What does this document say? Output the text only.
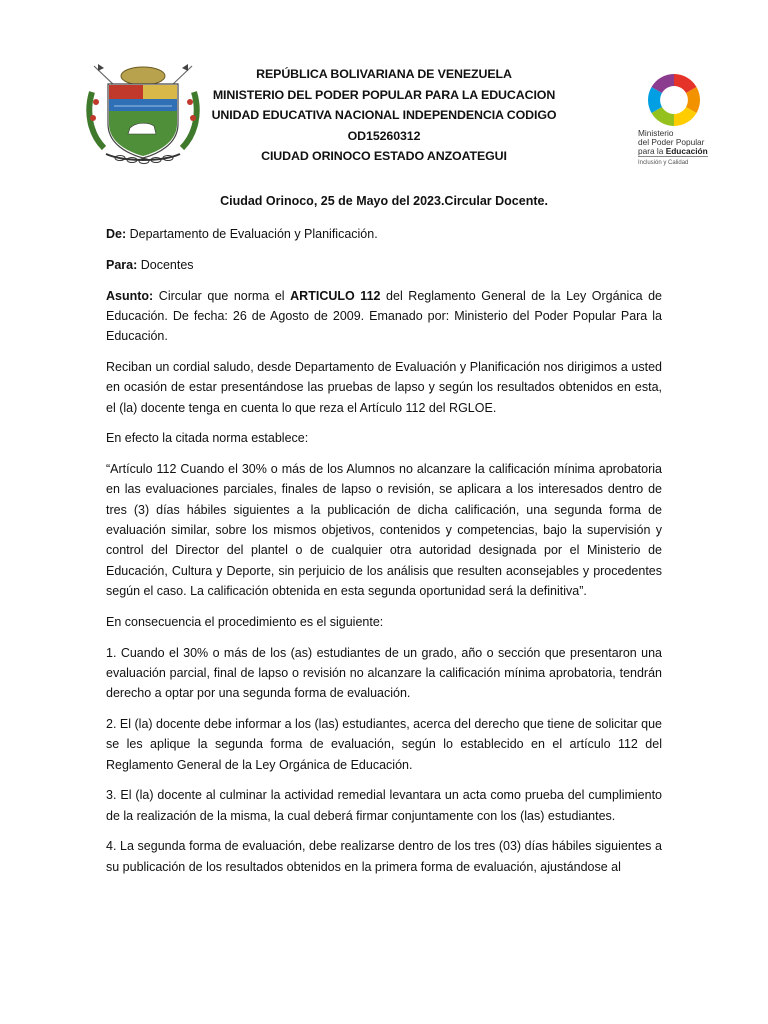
REPÚBLICA BOLIVARIANA DE VENEZUELA
MINISTERIO DEL PODER POPULAR PARA LA EDUCACION
UNIDAD EDUCATIVA NACIONAL INDEPENDENCIA CODIGO OD15260312
CIUDAD ORINOCO ESTADO ANZOATEGUI
Ministerio
del Poder Popular
para la Educación
Inclusión y Calidad
Ciudad Orinoco, 25 de Mayo del 2023.Circular Docente.

De: Departamento de Evaluación y Planificación.

Para: Docentes

Asunto: Circular que norma el ARTICULO 112 del Reglamento General de la Ley Orgánica de Educación. De fecha: 26 de Agosto de 2009. Emanado por: Ministerio del Poder Popular Para la Educación.

Reciban un cordial saludo, desde Departamento de Evaluación y Planificación nos dirigimos a usted en ocasión de estar presentándose las pruebas de lapso y según los resultados obtenidos en esta, el (la) docente tenga en cuenta lo que reza el Artículo 112 del RGLOE.

En efecto la citada norma establece:

“Artículo 112 Cuando el 30% o más de los Alumnos no alcanzare la calificación mínima aprobatoria en las evaluaciones parciales, finales de lapso o revisión, se aplicara a los interesados dentro de tres (3) días hábiles siguientes a la publicación de dicha calificación, una segunda forma de evaluación similar, sobre los mismos objetivos, contenidos y competencias, bajo la supervisión y control del Director del plantel o de cualquier otra autoridad designada por el Ministerio de Educación, Cultura y Deporte, sin perjuicio de los análisis que resulten aconsejables y procedentes según el caso. La calificación obtenida en esta segunda oportunidad será la definitiva”.

En consecuencia el procedimiento es el siguiente:

1. Cuando el 30% o más de los (as) estudiantes de un grado, año o sección que presentaron una evaluación parcial, final de lapso o revisión no alcanzare la calificación mínima aprobatoria, tendrán derecho a optar por una segunda forma de evaluación.

2. El (la) docente debe informar a los (las) estudiantes, acerca del derecho que tiene de solicitar que se les aplique la segunda forma de evaluación, según lo establecido en el artículo 112 del Reglamento General de la Ley Orgánica de Educación.

3. El (la) docente al culminar la actividad remedial levantara un acta como prueba del cumplimiento de la realización de la misma, la cual deberá firmar conjuntamente con los (las) estudiantes.

4. La segunda forma de evaluación, debe realizarse dentro de los tres (03) días hábiles siguientes a su publicación de los resultados obtenidos en la primera forma de evaluación, ajustándose al
